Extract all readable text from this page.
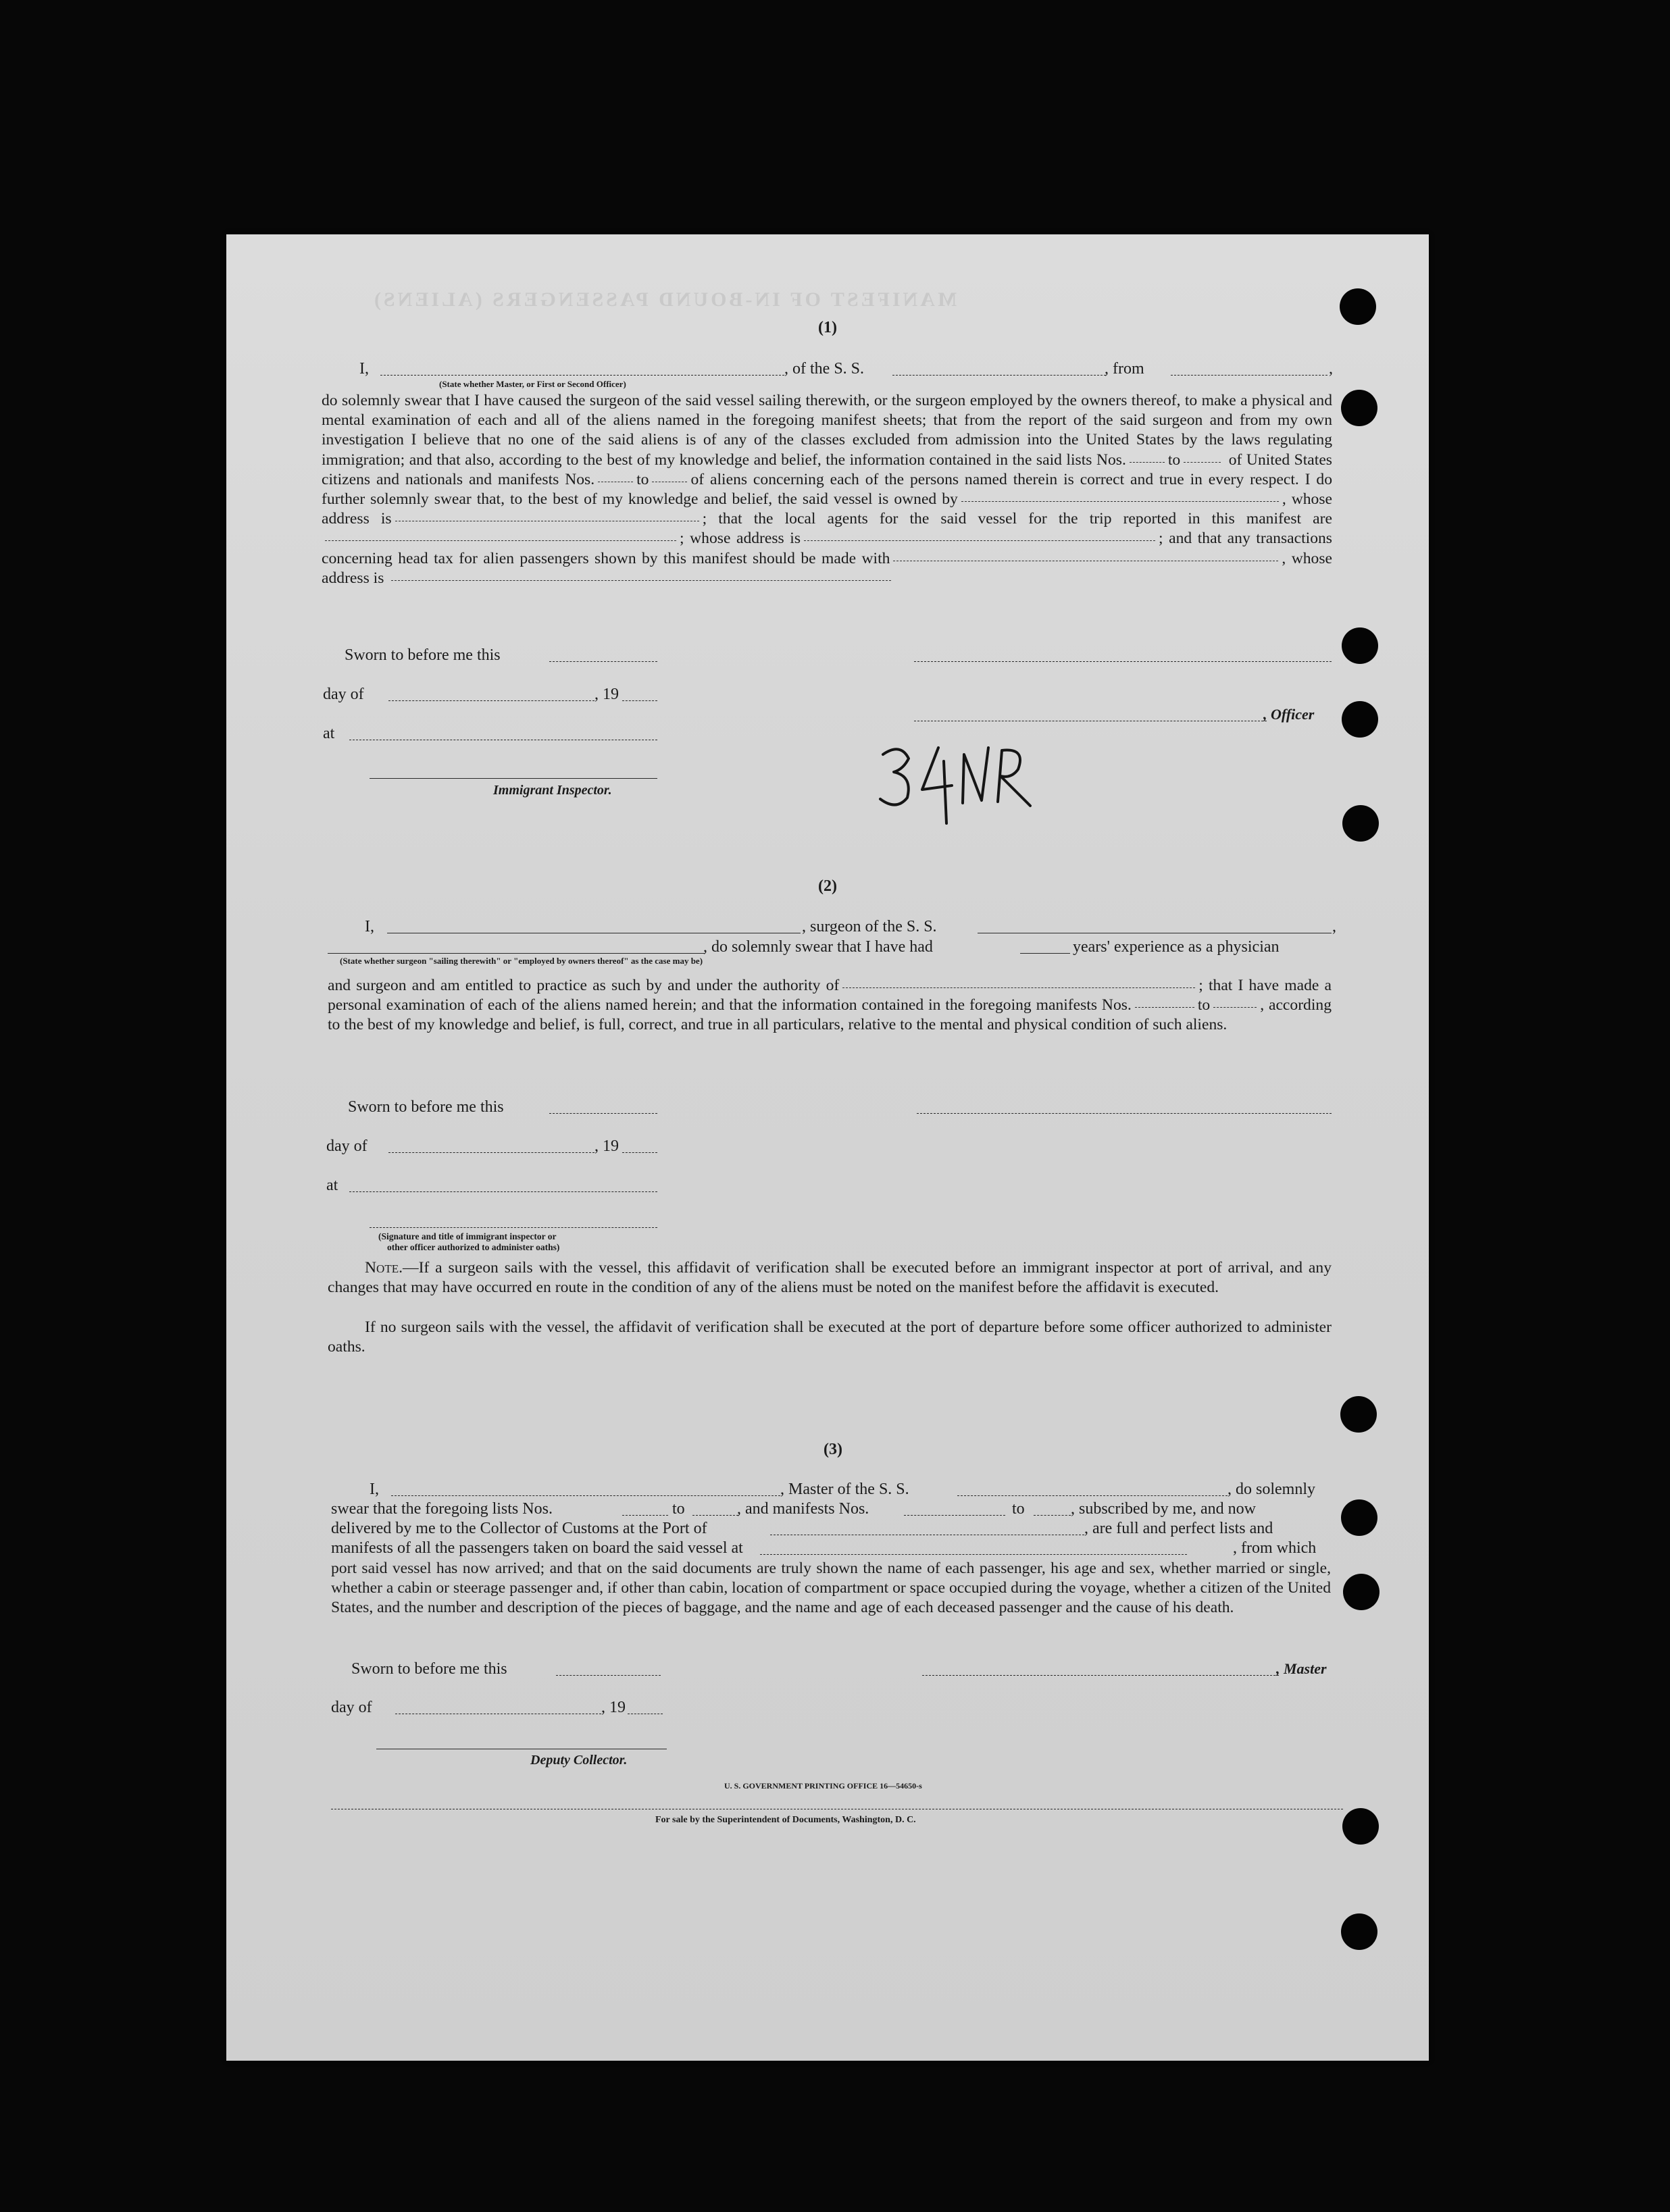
MANIFEST OF IN-BOUND PASSENGERS (ALIENS)
(1)
I,	, of the S. S.	, from	,
(State whether Master, or First or Second Officer)
do solemnly swear that I have caused the surgeon of the said vessel sailing therewith, or the surgeon employed by the owners thereof, to make a physical and mental examination of each and all of the aliens named in the foregoing manifest sheets; that from the report of the said surgeon and from my own investigation I believe that no one of the said aliens is of any of the classes excluded from admission into the United States by the laws regulating immigration; and that also, according to the best of my knowledge and belief, the information contained in the said lists Nos.	to	of United States citizens and nationals and manifests Nos.	to	of aliens concerning each of the persons named therein is correct and true in every respect. I do further solemnly swear that, to the best of my knowledge and belief, the said vessel is owned by	, whose address is	; that the local agents for the said vessel for the trip reported in this manifest are; whose address is	; and that any transactions concerning head tax for alien passengers shown by this manifest should be made with	, whose address is
Sworn to before me this
day of	, 19
, Officer
at
Immigrant Inspector.
(2)
I,	, surgeon of the S. S.	,
, do solemnly swear that I have had	years' experience as a physician
(State whether surgeon "sailing therewith" or "employed by owners thereof" as the case may be)
and surgeon and am entitled to practice as such by and under the authority of	; that I have made a personal examination of each of the aliens named herein; and that the information contained in the foregoing manifests Nos.	to	, according to the best of my knowledge and belief, is full, correct, and true in all particulars, relative to the mental and physical condition of such aliens.
Sworn to before me this
day of	, 19
at
(Signature and title of immigrant inspector or
other officer authorized to administer oaths)
Note.—If a surgeon sails with the vessel, this affidavit of verification shall be executed before an immigrant inspector at port of arrival, and any changes that may have occurred en route in the condition of any of the aliens must be noted on the manifest before the affidavit is executed.
If no surgeon sails with the vessel, the affidavit of verification shall be executed at the port of departure before some officer authorized to administer oaths.
(3)
I,	, Master of the S. S.	, do solemnly
swear that the foregoing lists Nos.	to	, and manifests Nos.	to	, subscribed by me, and now
delivered by me to the Collector of Customs at the Port of	, are full and perfect lists and
manifests of all the passengers taken on board the said vessel at	, from which
port said vessel has now arrived; and that on the said documents are truly shown the name of each passenger, his age and sex, whether married or single, whether a cabin or steerage passenger and, if other than cabin, location of compartment or space occupied during the voyage, whether a citizen of the United States, and the number and description of the pieces of baggage, and the name and age of each deceased passenger and the cause of his death.
Sworn to before me this	, Master
day of	, 19
Deputy Collector.
U. S. GOVERNMENT PRINTING OFFICE 16—54650-s
For sale by the Superintendent of Documents, Washington, D. C.
